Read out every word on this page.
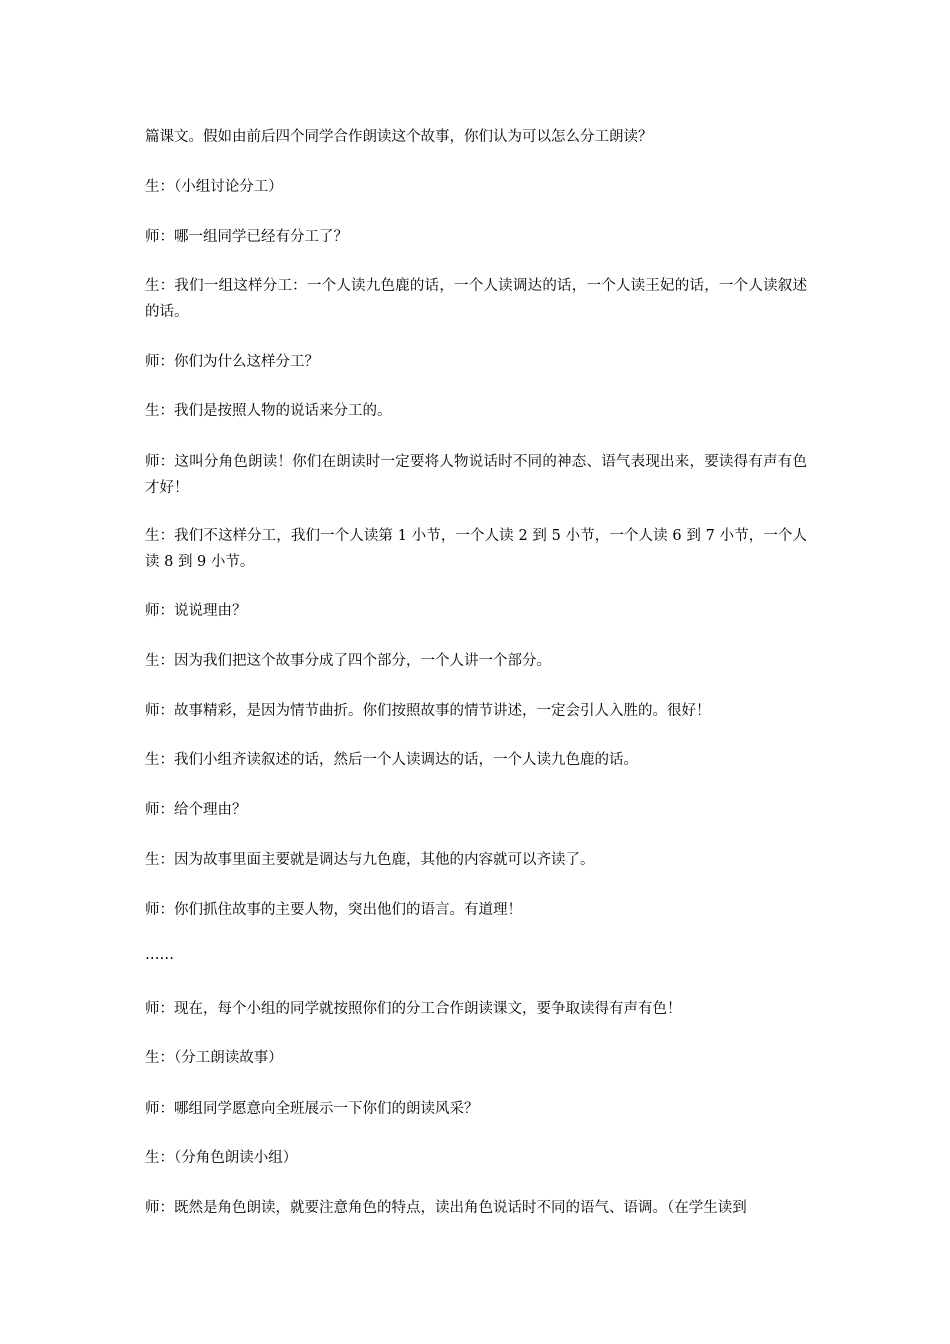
篇课文。假如由前后四个同学合作朗读这个故事，你们认为可以怎么分工朗读？

生：（小组讨论分工）

师：哪一组同学已经有分工了？

生：我们一组这样分工：一个人读九色鹿的话，一个人读调达的话，一个人读王妃的话，一个人读叙述的话。

师：你们为什么这样分工？

生：我们是按照人物的说话来分工的。

师：这叫分角色朗读！你们在朗读时一定要将人物说话时不同的神态、语气表现出来，要读得有声有色才好！

生：我们不这样分工，我们一个人读第 1 小节，一个人读 2 到 5 小节，一个人读 6 到 7 小节，一个人读 8 到 9 小节。

师：说说理由？

生：因为我们把这个故事分成了四个部分，一个人讲一个部分。

师：故事精彩，是因为情节曲折。你们按照故事的情节讲述，一定会引人入胜的。很好！

生：我们小组齐读叙述的话，然后一个人读调达的话，一个人读九色鹿的话。

师：给个理由？

生：因为故事里面主要就是调达与九色鹿，其他的内容就可以齐读了。

师：你们抓住故事的主要人物，突出他们的语言。有道理！

……

师：现在，每个小组的同学就按照你们的分工合作朗读课文，要争取读得有声有色！

生：（分工朗读故事）

师：哪组同学愿意向全班展示一下你们的朗读风采？

生：（分角色朗读小组）

师：既然是角色朗读，就要注意角色的特点，读出角色说话时不同的语气、语调。（在学生读到
